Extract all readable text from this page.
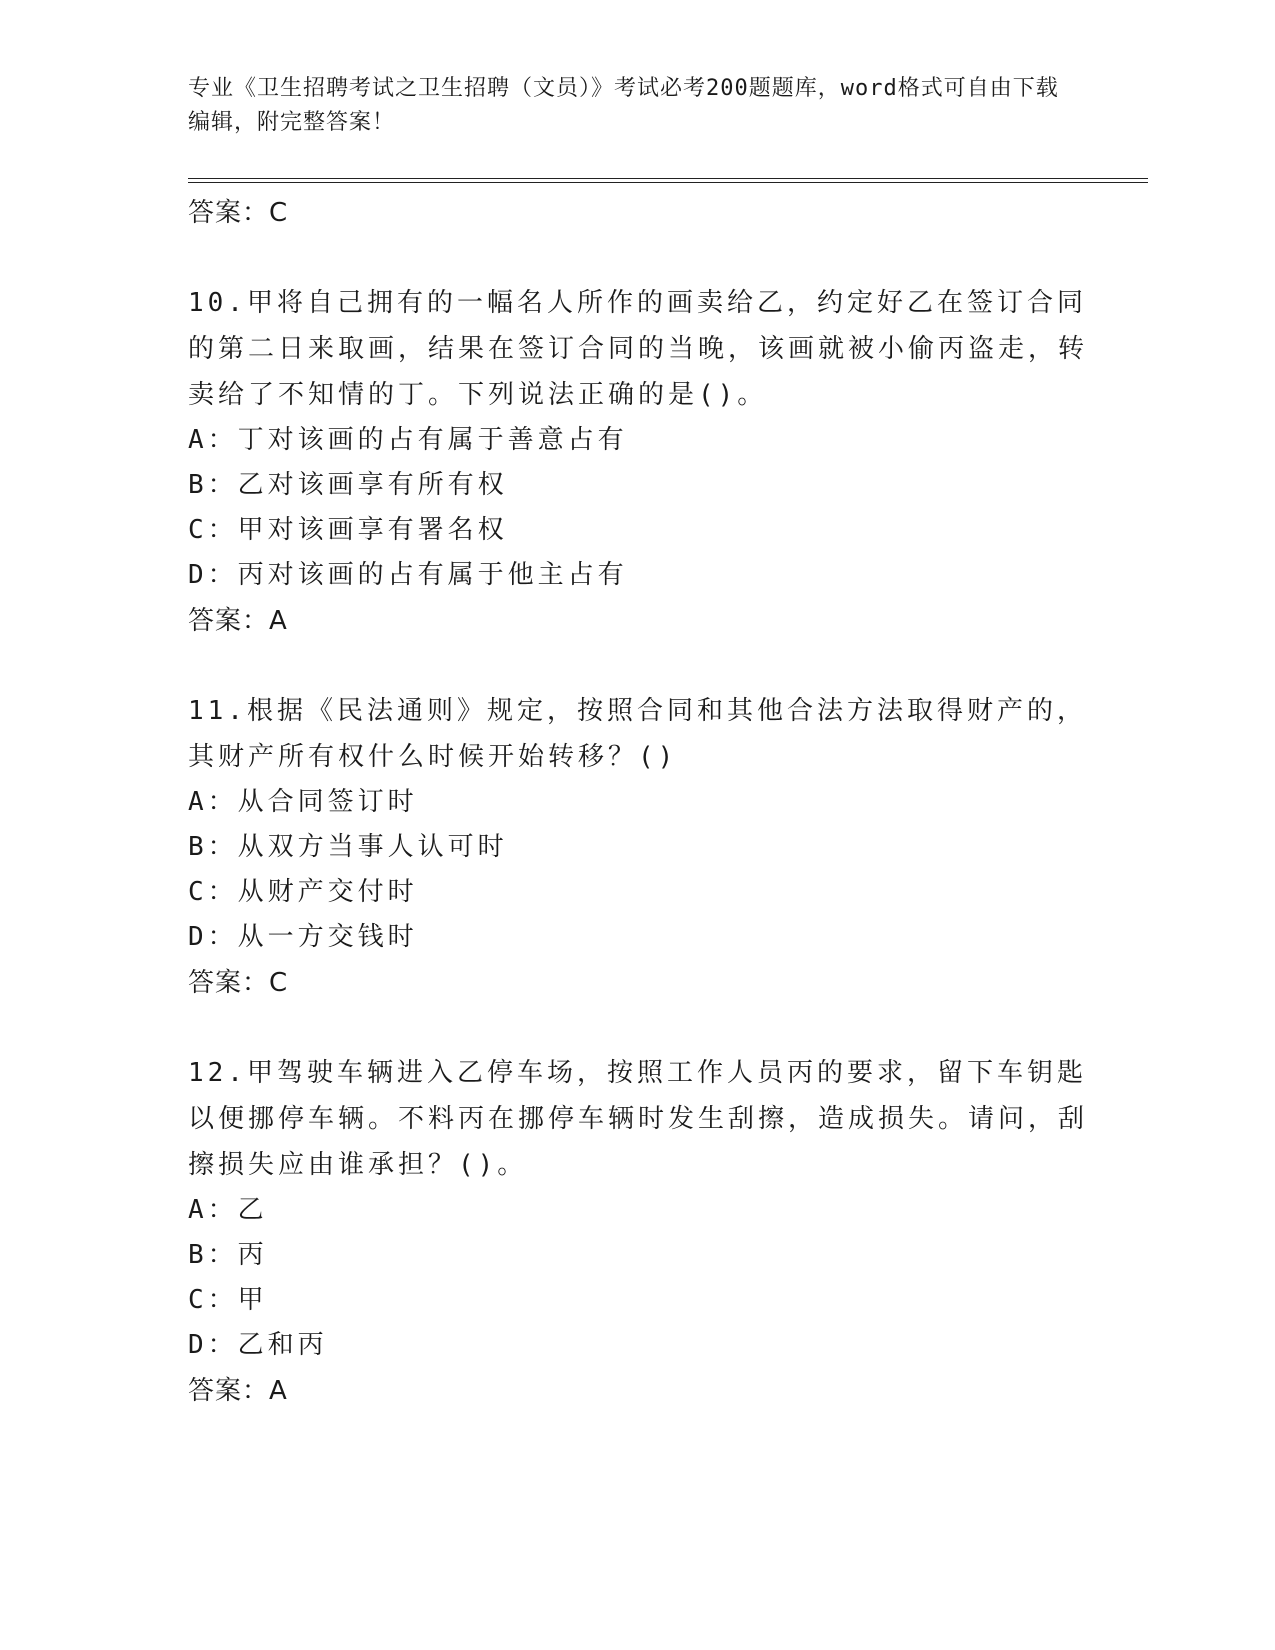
专业《卫生招聘考试之卫生招聘（文员）》考试必考200题题库，word格式可自由下载编辑，附完整答案！
答案：C

10.甲将自己拥有的一幅名人所作的画卖给乙，约定好乙在签订合同的第二日来取画，结果在签订合同的当晚，该画就被小偷丙盗走，转卖给了不知情的丁。下列说法正确的是()。

A：丁对该画的占有属于善意占有
B：乙对该画享有所有权
C：甲对该画享有署名权
D：丙对该画的占有属于他主占有
答案：A

11.根据《民法通则》规定，按照合同和其他合法方法取得财产的，其财产所有权什么时候开始转移？()

A：从合同签订时
B：从双方当事人认可时
C：从财产交付时
D：从一方交钱时
答案：C

12.甲驾驶车辆进入乙停车场，按照工作人员丙的要求，留下车钥匙以便挪停车辆。不料丙在挪停车辆时发生刮擦，造成损失。请问，刮擦损失应由谁承担？()。

A：乙
B：丙
C：甲
D：乙和丙
答案：A
